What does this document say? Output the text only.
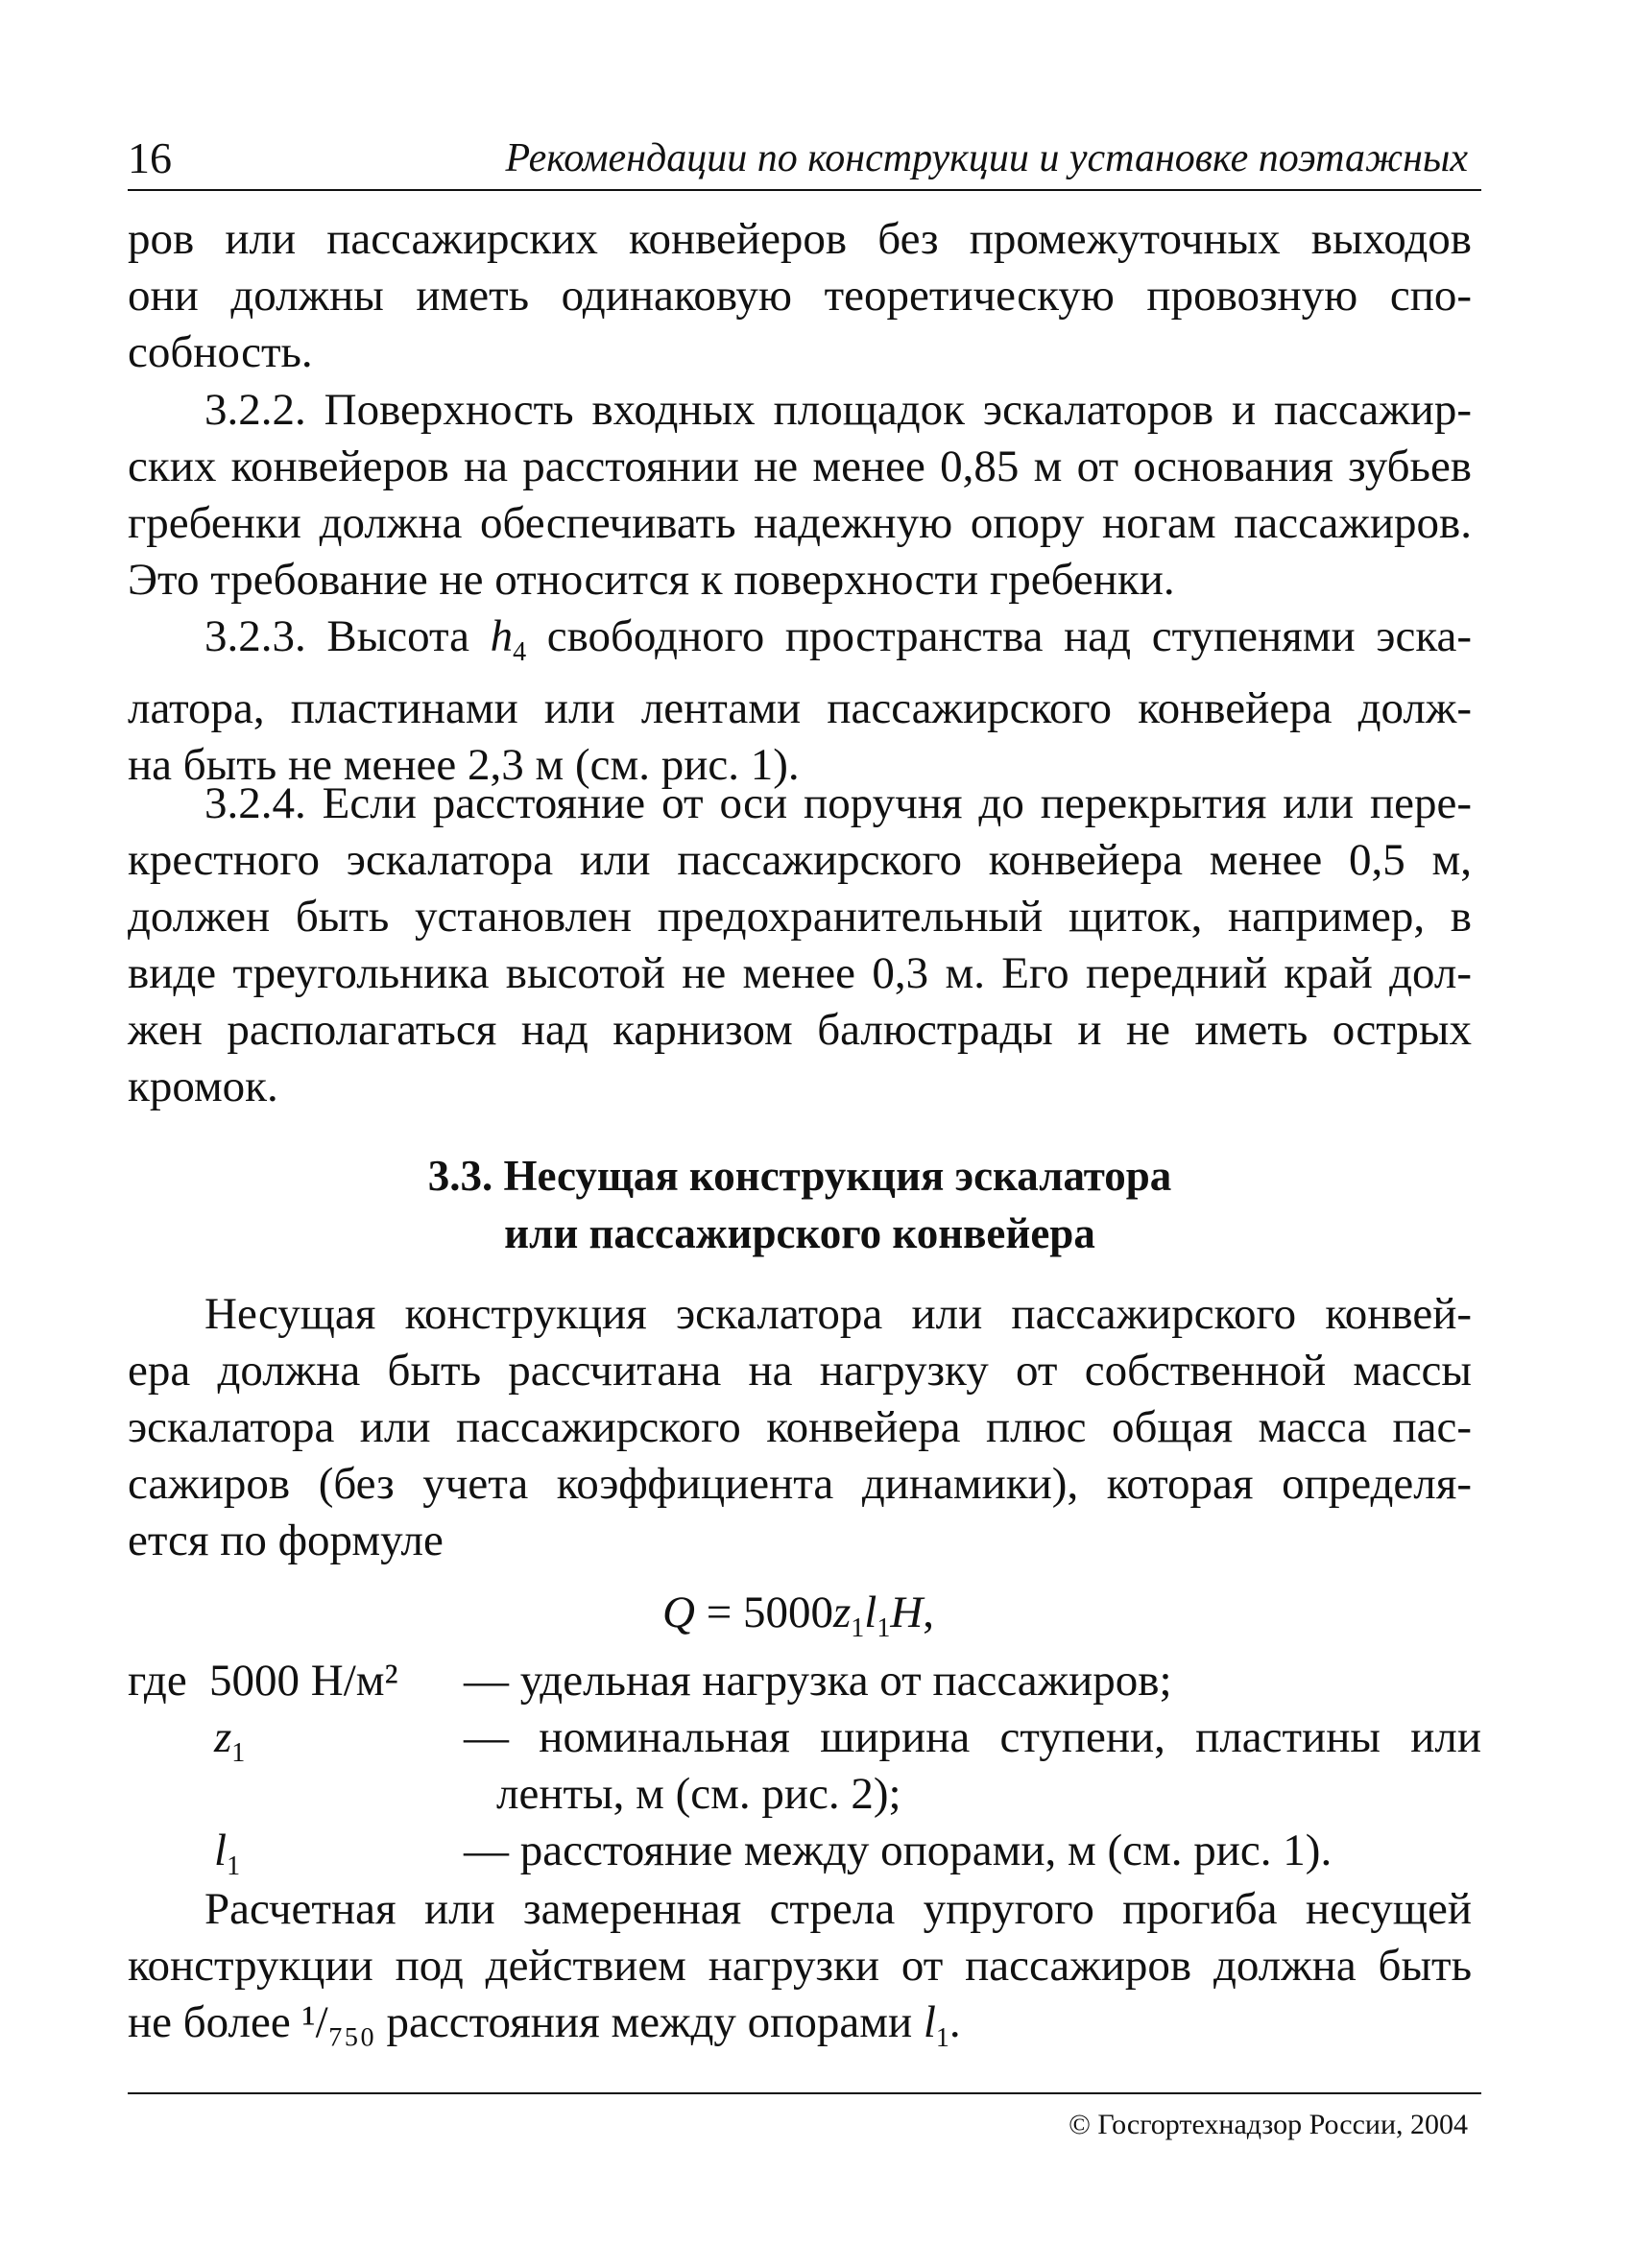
16	Рекомендации по конструкции и установке поэтажных

ров или пассажирских конвейеров без промежуточных выходов

они должны иметь одинаковую теоретическую провозную спо-

собность.

3.2.2. Поверхность входных площадок эскалаторов и пассажир-

ских конвейеров на расстоянии не менее 0,85 м от основания зубьев

гребенки должна обеспечивать надежную опору ногам пассажиров.

Это требование не относится к поверхности гребенки.

3.2.3. Высота $h_4$ свободного пространства над ступенями эска-

латора, пластинами или лентами пассажирского конвейера долж-

на быть не менее 2,3 м (см. рис. 1).

3.2.4. Если расстояние от оси поручня до перекрытия или пере-

крестного эскалатора или пассажирского конвейера менее 0,5 м,

должен быть установлен предохранительный щиток, например, в

виде треугольника высотой не менее 0,3 м. Его передний край дол-

жен располагаться над карнизом балюстрады и не иметь острых

кромок.

3.3. Несущая конструкция эскалатора
или пассажирского конвейера

Несущая конструкция эскалатора или пассажирского конвей-

ера должна быть рассчитана на нагрузку от собственной массы

эскалатора или пассажирского конвейера плюс общая масса пас-

сажиров (без учета коэффициента динамики), которая определя-

ется по формуле

$Q = 5000z_1l_1H$,
где 5000 Н/м² — удельная нагрузка от пассажиров;
$z_1$	— номинальная ширина ступени, пластины или
ленты, м (см. рис. 2);
$l_1$	— расстояние между опорами, м (см. рис. 1).

Расчетная или замеренная стрела упругого прогиба несущей

конструкции под действием нагрузки от пассажиров должна быть

не более ¹/₇₅₀ расстояния между опорами $l_1$.

© Госгортехнадзор России, 2004
